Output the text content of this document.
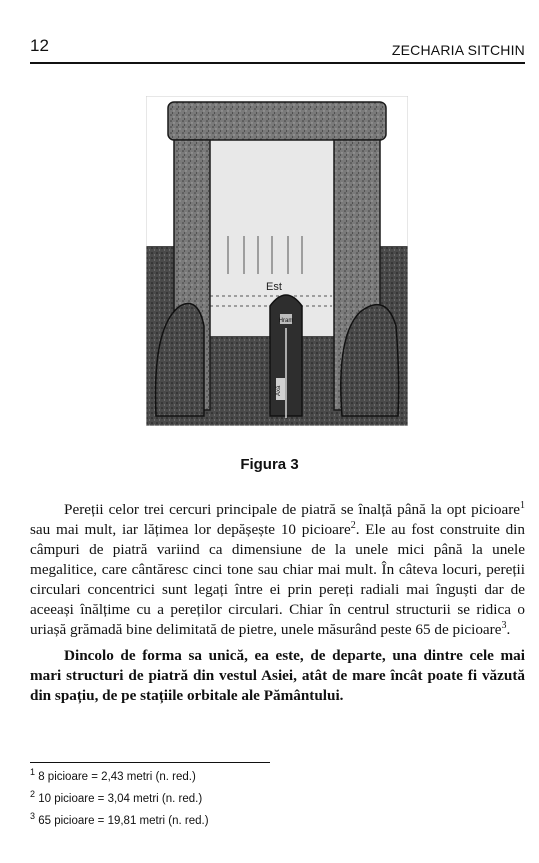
12	ZECHARIA SITCHIN
Est
Hram
Axă
Figura 3

Pereții celor trei cercuri principale de piatră se înalță până la opt picioare$^1$ sau mai mult, iar lățimea lor depășește 10 picioare$^2$. Ele au fost construite din câmpuri de piatră variind ca dimensiune de la unele mici până la unele megalitice, care cântăresc cinci tone sau chiar mai mult. În câteva locuri, pereții circulari concentrici sunt legați între ei prin pereți radiali mai înguști dar de aceeași înălțime cu a pereților circulari. Chiar în centrul structurii se ridica o uriașă grămadă bine delimitată de pietre, unele măsurând peste 65 de picioare$^3$.

Dincolo de forma sa unică, ea este, de departe, una dintre cele mai mari structuri de piatră din vestul Asiei, atât de mare încât poate fi văzută din spațiu, de pe stațiile orbitale ale Pământului.

$^1$ 8 picioare = 2,43 metri (n. red.)
$^2$ 10 picioare = 3,04 metri (n. red.)
$^3$ 65 picioare = 19,81 metri (n. red.)
